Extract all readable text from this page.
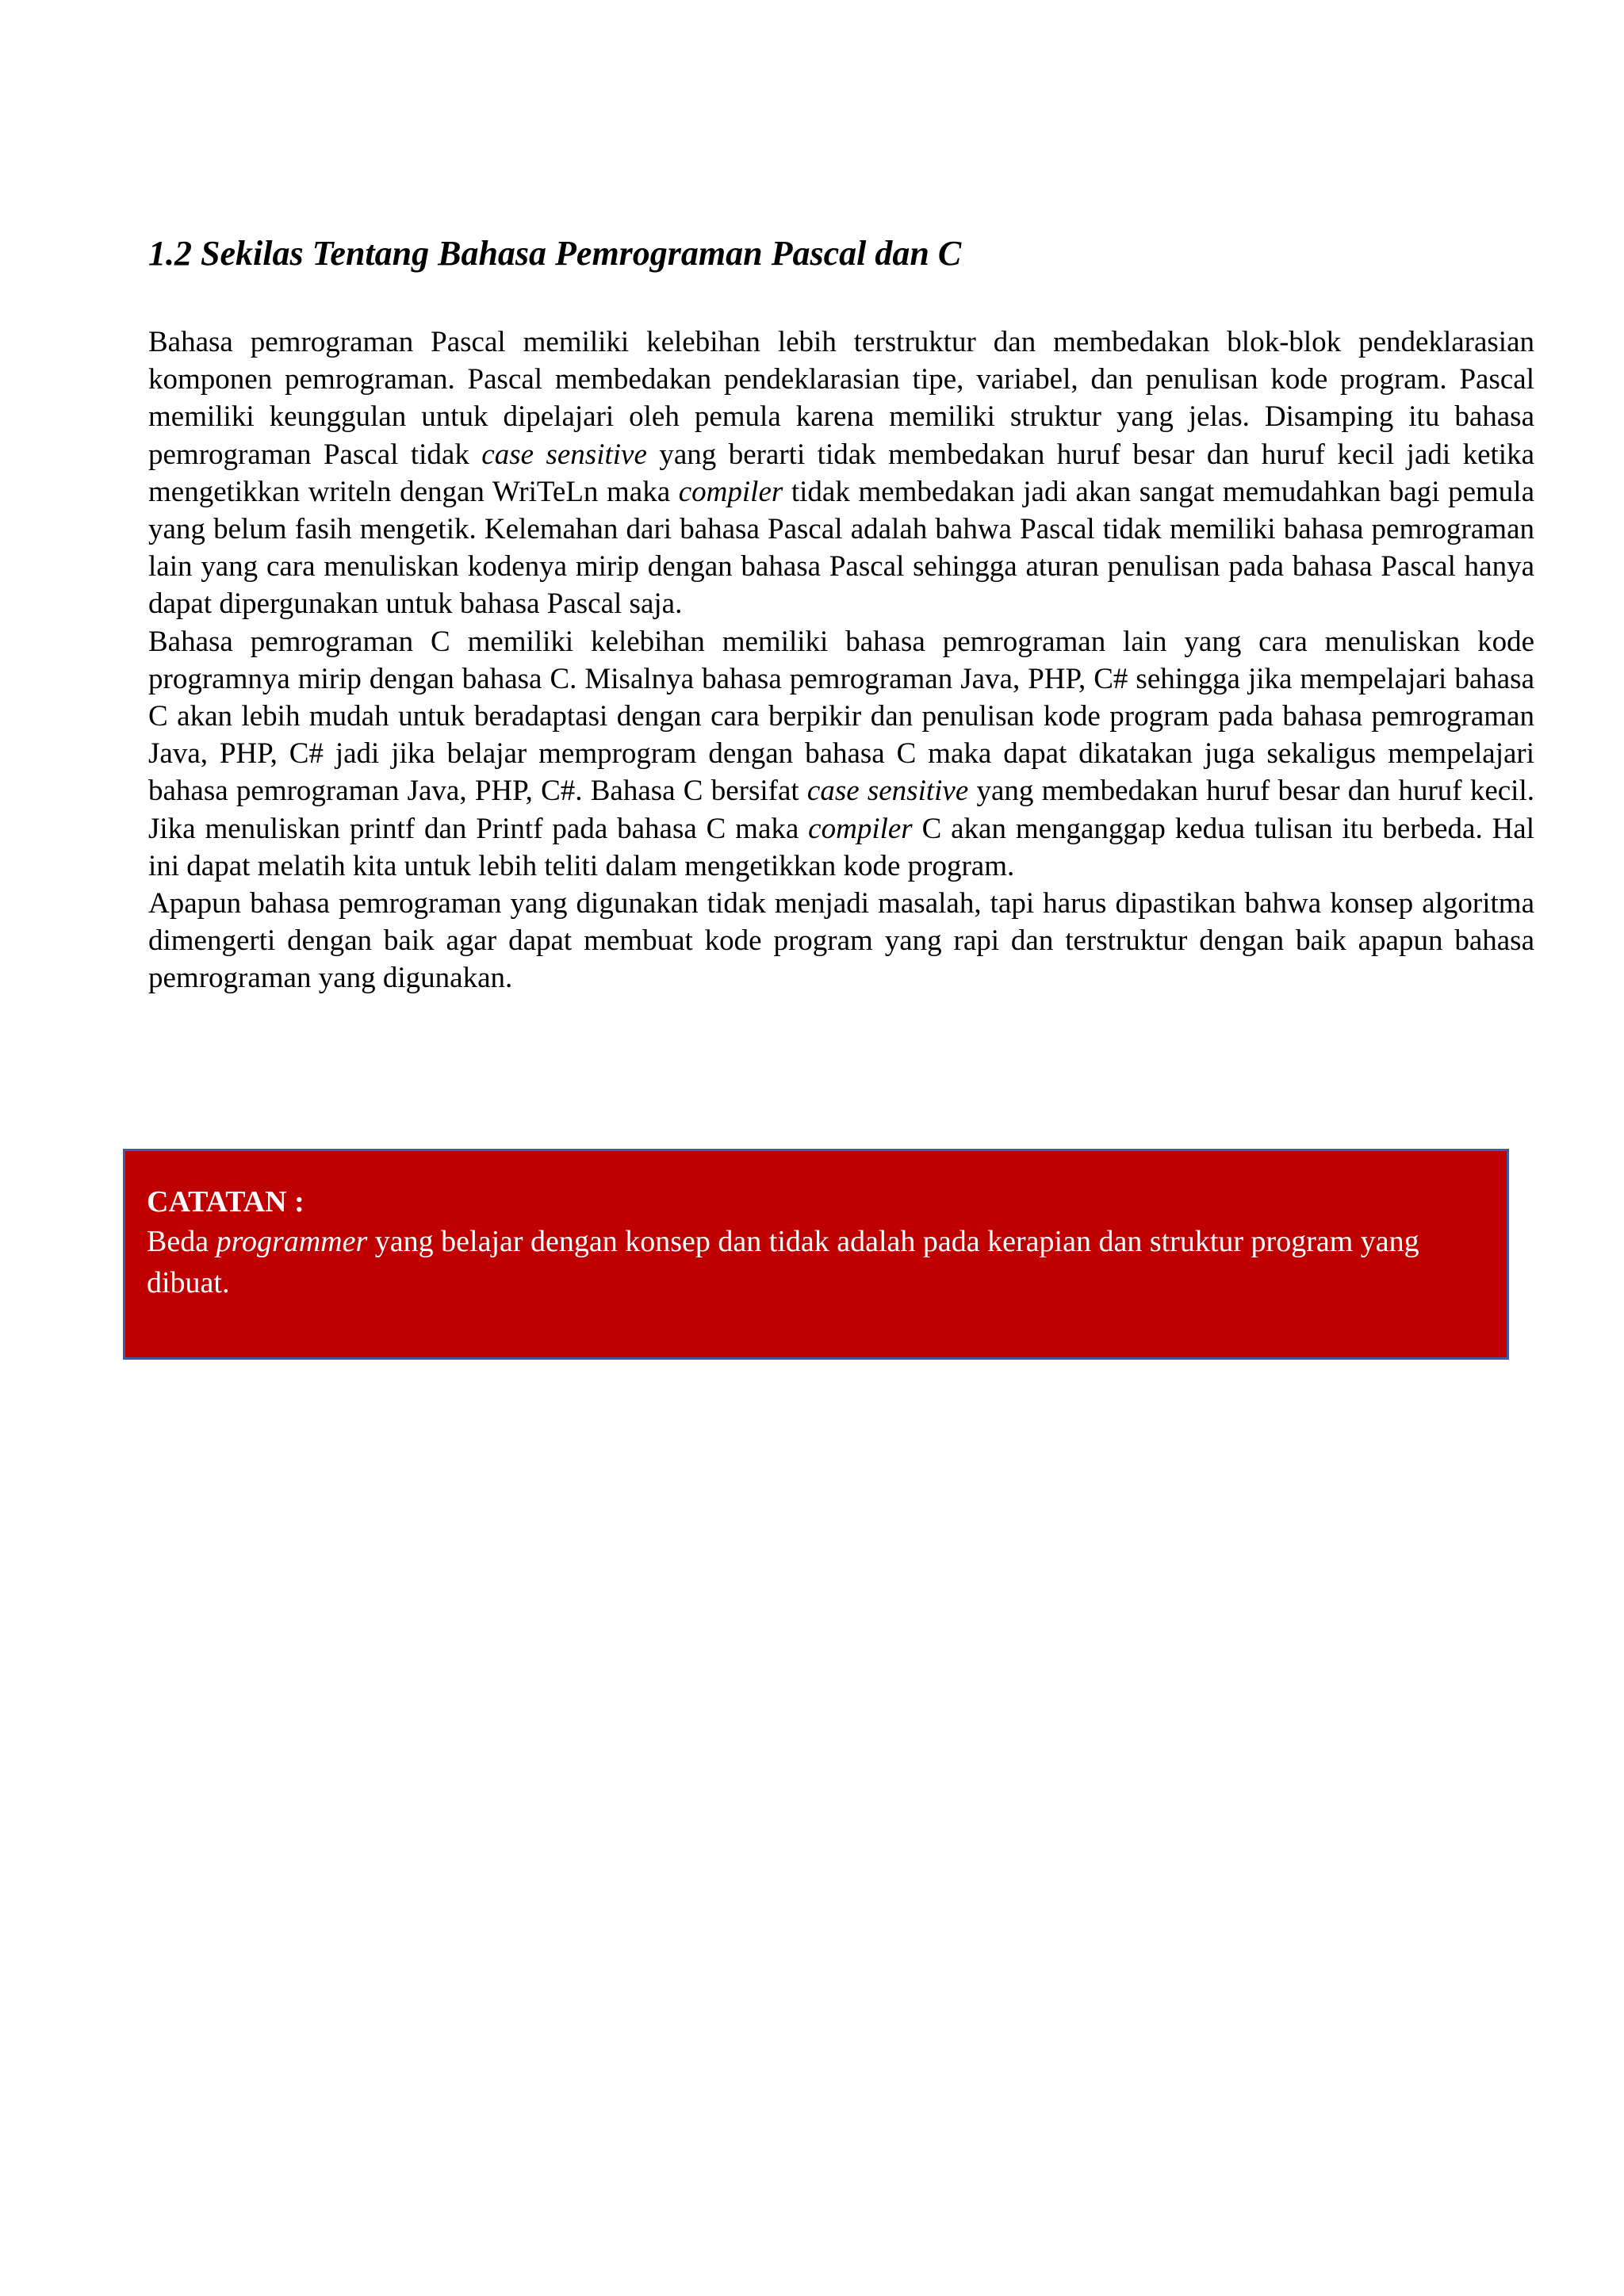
1.2 Sekilas Tentang Bahasa Pemrograman Pascal dan C

Bahasa pemrograman Pascal memiliki kelebihan lebih terstruktur dan membedakan blok-blok pendeklarasian komponen pemrograman. Pascal membedakan pendeklarasian tipe, variabel, dan penulisan kode program. Pascal memiliki keunggulan untuk dipelajari oleh pemula karena memiliki struktur yang jelas. Disamping itu bahasa pemrograman Pascal tidak case sensitive yang berarti tidak membedakan huruf besar dan huruf kecil jadi ketika mengetikkan writeln dengan WriTeLn maka compiler tidak membedakan jadi akan sangat memudahkan bagi pemula yang belum fasih mengetik. Kelemahan dari bahasa Pascal adalah bahwa Pascal tidak memiliki bahasa pemrograman lain yang cara menuliskan kodenya mirip dengan bahasa Pascal sehingga aturan penulisan pada bahasa Pascal hanya dapat dipergunakan untuk bahasa Pascal saja.

Bahasa pemrograman C memiliki kelebihan memiliki bahasa pemrograman lain yang cara menuliskan kode programnya mirip dengan bahasa C. Misalnya bahasa pemrograman Java, PHP, C# sehingga jika mempelajari bahasa C akan lebih mudah untuk beradaptasi dengan cara berpikir dan penulisan kode program pada bahasa pemrograman Java, PHP, C# jadi jika belajar memprogram dengan bahasa C maka dapat dikatakan juga sekaligus mempelajari bahasa pemrograman Java, PHP, C#. Bahasa C bersifat case sensitive yang membedakan huruf besar dan huruf kecil. Jika menuliskan printf dan Printf pada bahasa C maka compiler C akan menganggap kedua tulisan itu berbeda. Hal ini dapat melatih kita untuk lebih teliti dalam mengetikkan kode program.

Apapun bahasa pemrograman yang digunakan tidak menjadi masalah, tapi harus dipastikan bahwa konsep algoritma dimengerti dengan baik agar dapat membuat kode program yang rapi dan terstruktur dengan baik apapun bahasa pemrograman yang digunakan.

CATATAN :

Beda programmer yang belajar dengan konsep dan tidak adalah pada kerapian dan struktur program yang dibuat.
